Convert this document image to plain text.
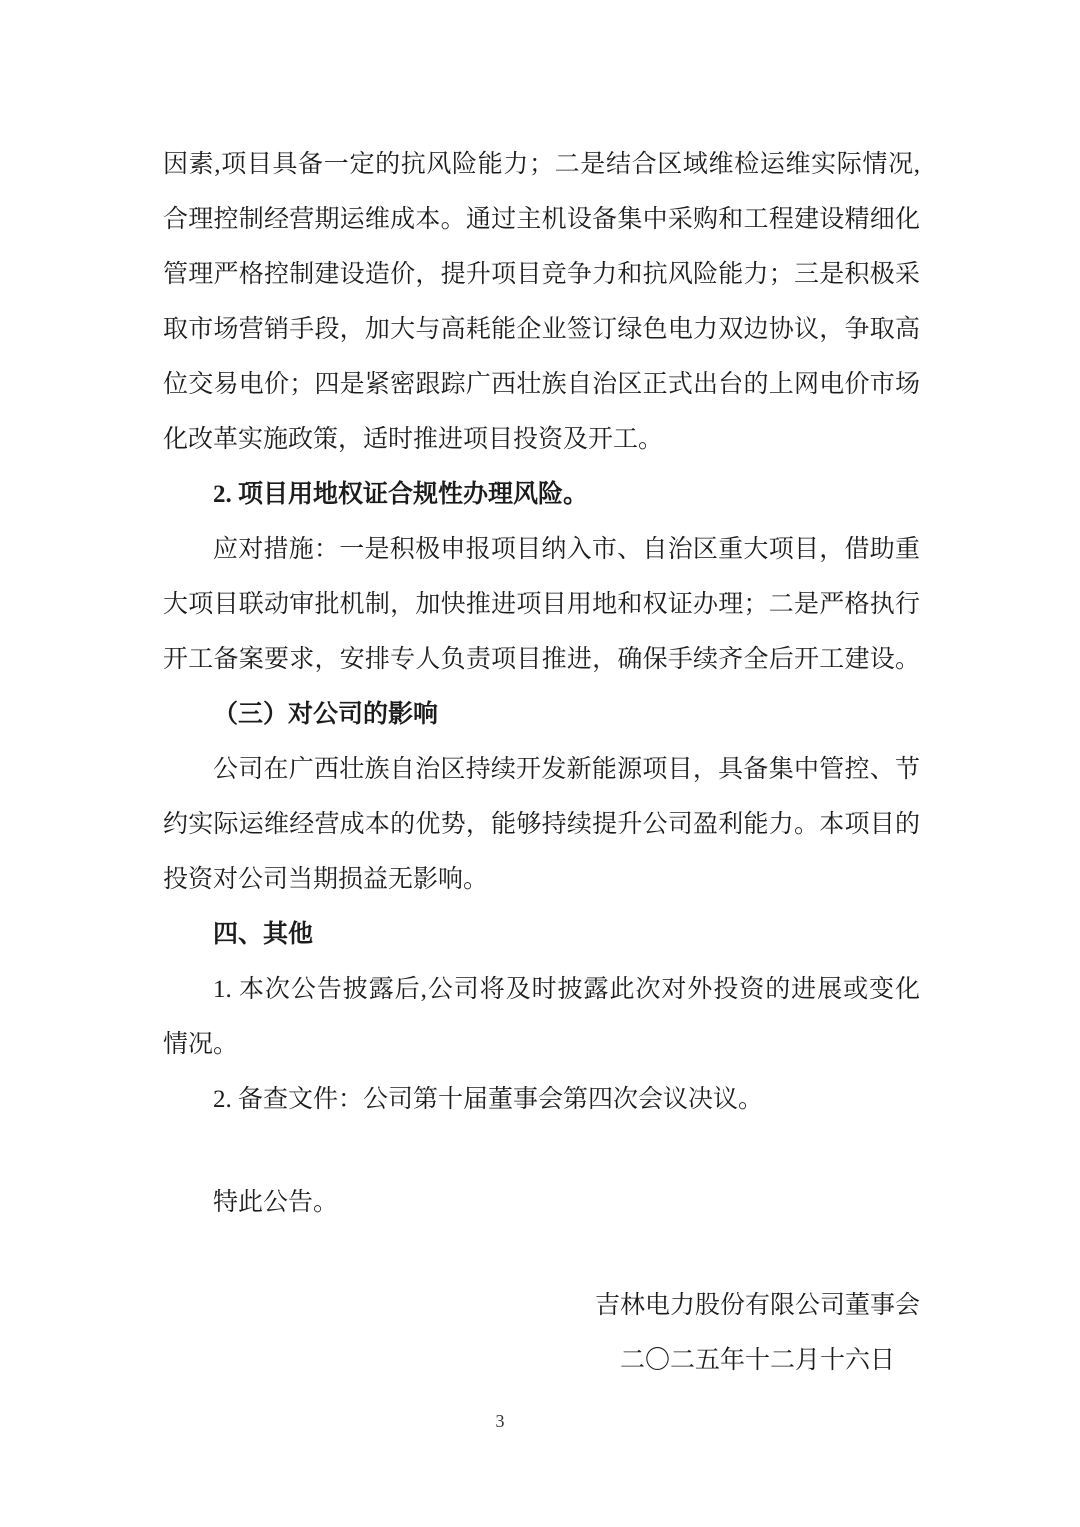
因素,项目具备一定的抗风险能力；二是结合区域维检运维实际情况,
合理控制经营期运维成本。通过主机设备集中采购和工程建设精细化
管理严格控制建设造价，提升项目竞争力和抗风险能力；三是积极采
取市场营销手段，加大与高耗能企业签订绿色电力双边协议，争取高
位交易电价；四是紧密跟踪广西壮族自治区正式出台的上网电价市场
化改革实施政策，适时推进项目投资及开工。
2. 项目用地权证合规性办理风险。
应对措施：一是积极申报项目纳入市、自治区重大项目，借助重
大项目联动审批机制，加快推进项目用地和权证办理；二是严格执行
开工备案要求，安排专人负责项目推进，确保手续齐全后开工建设。
（三）对公司的影响
公司在广西壮族自治区持续开发新能源项目，具备集中管控、节
约实际运维经营成本的优势，能够持续提升公司盈利能力。本项目的
投资对公司当期损益无影响。
四、其他
1. 本次公告披露后,公司将及时披露此次对外投资的进展或变化
情况。
2. 备查文件：公司第十届董事会第四次会议决议。
特此公告。
吉林电力股份有限公司董事会
二〇二五年十二月十六日
3
